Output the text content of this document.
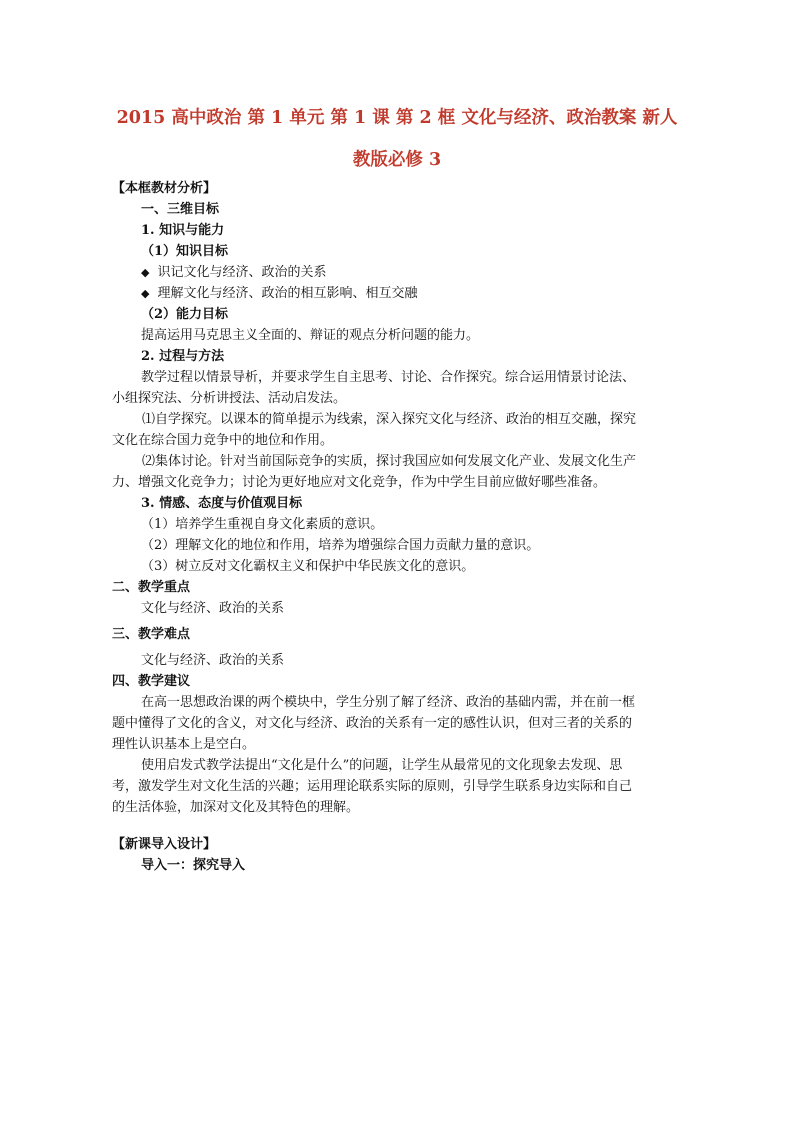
2015 高中政治 第 1 单元 第 1 课 第 2 框 文化与经济、政治教案 新人
教版必修 3
【本框教材分析】
一、三维目标
1. 知识与能力
（1）知识目标
◆ 识记文化与经济、政治的关系
◆ 理解文化与经济、政治的相互影响、相互交融
（2）能力目标
提高运用马克思主义全面的、辩证的观点分析问题的能力。
2. 过程与方法
教学过程以情景导析，并要求学生自主思考、讨论、合作探究。综合运用情景讨论法、
小组探究法、分析讲授法、活动启发法。
⑴自学探究。以课本的简单提示为线索，深入探究文化与经济、政治的相互交融，探究
文化在综合国力竞争中的地位和作用。
⑵集体讨论。针对当前国际竞争的实质，探讨我国应如何发展文化产业、发展文化生产
力、增强文化竞争力；讨论为更好地应对文化竞争，作为中学生目前应做好哪些准备。
3. 情感、态度与价值观目标
（1）培养学生重视自身文化素质的意识。
（2）理解文化的地位和作用，培养为增强综合国力贡献力量的意识。
（3）树立反对文化霸权主义和保护中华民族文化的意识。
二、教学重点
文化与经济、政治的关系
三、教学难点
文化与经济、政治的关系
四、教学建议
在高一思想政治课的两个模块中，学生分别了解了经济、政治的基础内需，并在前一框
题中懂得了文化的含义，对文化与经济、政治的关系有一定的感性认识，但对三者的关系的
理性认识基本上是空白。
使用启发式教学法提出“文化是什么”的问题，让学生从最常见的文化现象去发现、思
考，激发学生对文化生活的兴趣；运用理论联系实际的原则，引导学生联系身边实际和自己
的生活体验，加深对文化及其特色的理解。
【新课导入设计】
导入一：探究导入
